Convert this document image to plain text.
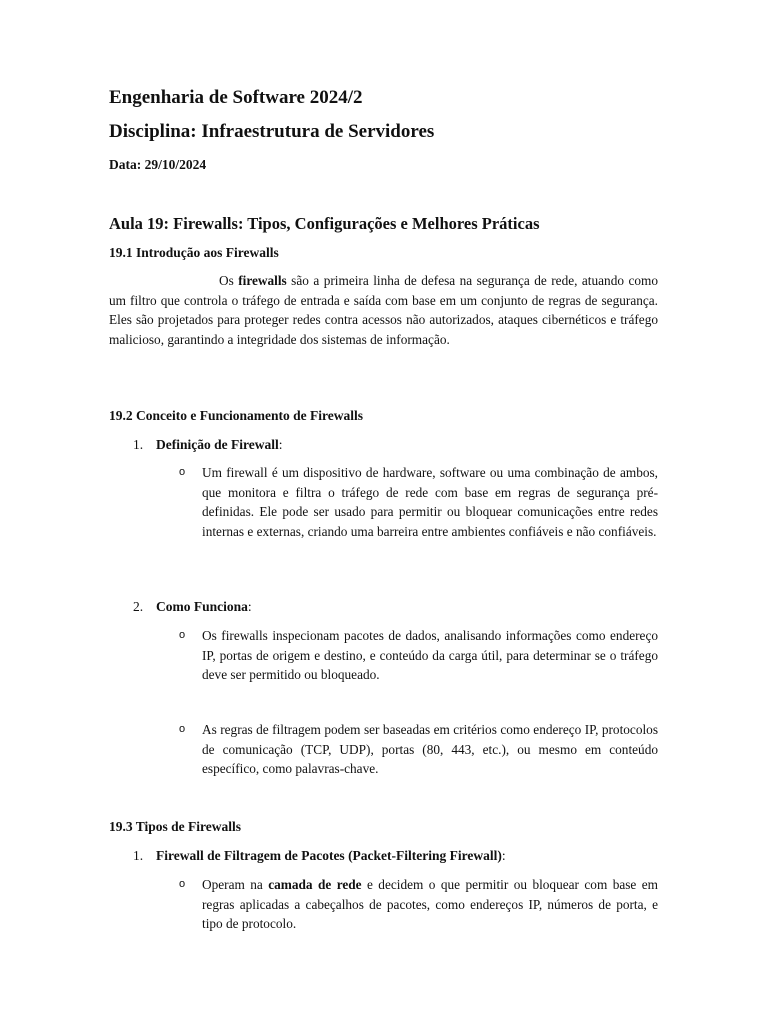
Engenharia de Software 2024/2
Disciplina: Infraestrutura de Servidores
Data: 29/10/2024
Aula 19: Firewalls: Tipos, Configurações e Melhores Práticas
19.1 Introdução aos Firewalls
Os firewalls são a primeira linha de defesa na segurança de rede, atuando como um filtro que controla o tráfego de entrada e saída com base em um conjunto de regras de segurança. Eles são projetados para proteger redes contra acessos não autorizados, ataques cibernéticos e tráfego malicioso, garantindo a integridade dos sistemas de informação.
19.2 Conceito e Funcionamento de Firewalls
1. Definição de Firewall:
o Um firewall é um dispositivo de hardware, software ou uma combinação de ambos, que monitora e filtra o tráfego de rede com base em regras de segurança pré-definidas. Ele pode ser usado para permitir ou bloquear comunicações entre redes internas e externas, criando uma barreira entre ambientes confiáveis e não confiáveis.
2. Como Funciona:
o Os firewalls inspecionam pacotes de dados, analisando informações como endereço IP, portas de origem e destino, e conteúdo da carga útil, para determinar se o tráfego deve ser permitido ou bloqueado.
o As regras de filtragem podem ser baseadas em critérios como endereço IP, protocolos de comunicação (TCP, UDP), portas (80, 443, etc.), ou mesmo em conteúdo específico, como palavras-chave.
19.3 Tipos de Firewalls
1. Firewall de Filtragem de Pacotes (Packet-Filtering Firewall):
o Operam na camada de rede e decidem o que permitir ou bloquear com base em regras aplicadas a cabeçalhos de pacotes, como endereços IP, números de porta, e tipo de protocolo.
